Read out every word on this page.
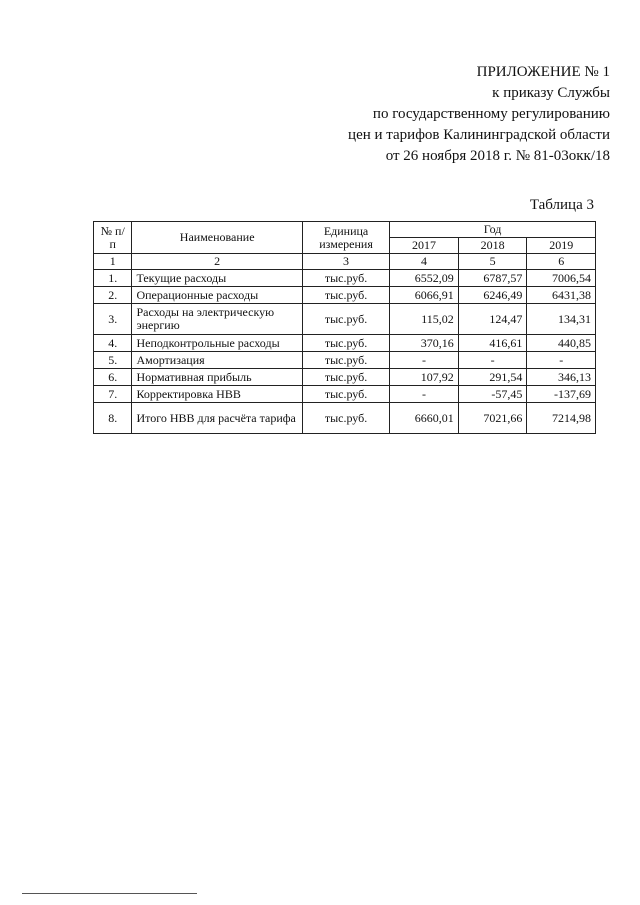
ПРИЛОЖЕНИЕ № 1
к приказу Службы
по государственному регулированию
цен и тарифов Калининградской области
от 26 ноября 2018 г. № 81-03окк/18
Таблица 3
№ п/п	Наименование	Единица измерения	Год		
			2017	2018	2019
1	2	3	4	5	6
1.	Текущие расходы	тыс.руб.	6552,09	6787,57	7006,54
2.	Операционные расходы	тыс.руб.	6066,91	6246,49	6431,38
3.	Расходы на электрическую энергию	тыс.руб.	115,02	124,47	134,31
4.	Неподконтрольные расходы	тыс.руб.	370,16	416,61	440,85
5.	Амортизация	тыс.руб.	-	-	-
6.	Нормативная прибыль	тыс.руб.	107,92	291,54	346,13
7.	Корректировка НВВ	тыс.руб.	-	-57,45	-137,69
8.	Итого НВВ для расчёта тарифа	тыс.руб.	6660,01	7021,66	7214,98
